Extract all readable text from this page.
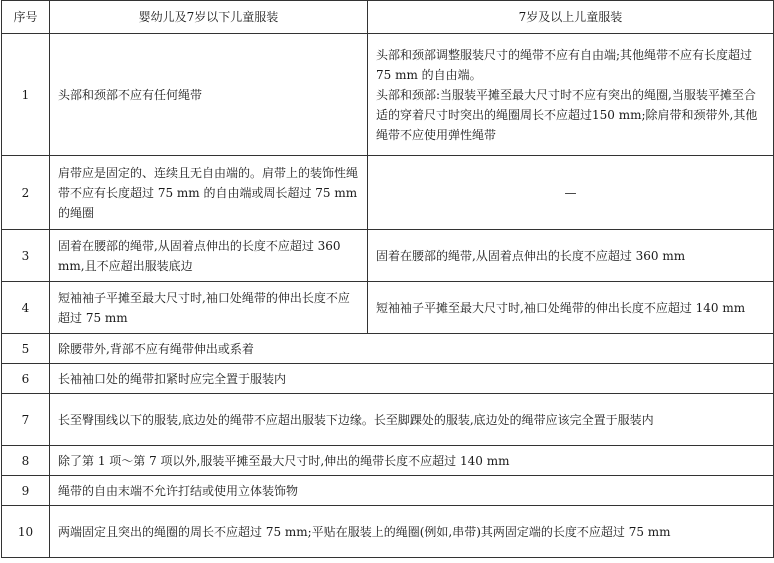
序号	婴幼儿及7岁以下儿童服装	7岁及以上儿童服装
1	头部和颈部不应有任何绳带	头部和颈部调整服装尺寸的绳带不应有自由端;其他绳带不应有长度超过 75 mm 的自由端。

头部和颈部:当服装平摊至最大尺寸时不应有突出的绳圈,当服装平摊至合适的穿着尺寸时突出的绳圈周长不应超过150 mm;除肩带和颈带外,其他绳带不应使用弹性绳带

2	肩带应是固定的、连续且无自由端的。肩带上的装饰性绳带不应有长度超过 75 mm 的自由端或周长超过 75 mm 的绳圈	—
3	固着在腰部的绳带,从固着点伸出的长度不应超过 360 mm,且不应超出服装底边	固着在腰部的绳带,从固着点伸出的长度不应超过 360 mm
4	短袖袖子平摊至最大尺寸时,袖口处绳带的伸出长度不应超过 75 mm	短袖袖子平摊至最大尺寸时,袖口处绳带的伸出长度不应超过 140 mm
5	除腰带外,背部不应有绳带伸出或系着	
6	长袖袖口处的绳带扣紧时应完全置于服装内	
7	长至臀围线以下的服装,底边处的绳带不应超出服装下边缘。长至脚踝处的服装,底边处的绳带应该完全置于服装内	
8	除了第 1 项～第 7 项以外,服装平摊至最大尺寸时,伸出的绳带长度不应超过 140 mm	
9	绳带的自由末端不允许打结或使用立体装饰物	
10	两端固定且突出的绳圈的周长不应超过 75 mm;平贴在服装上的绳圈(例如,串带)其两固定端的长度不应超过 75 mm	
